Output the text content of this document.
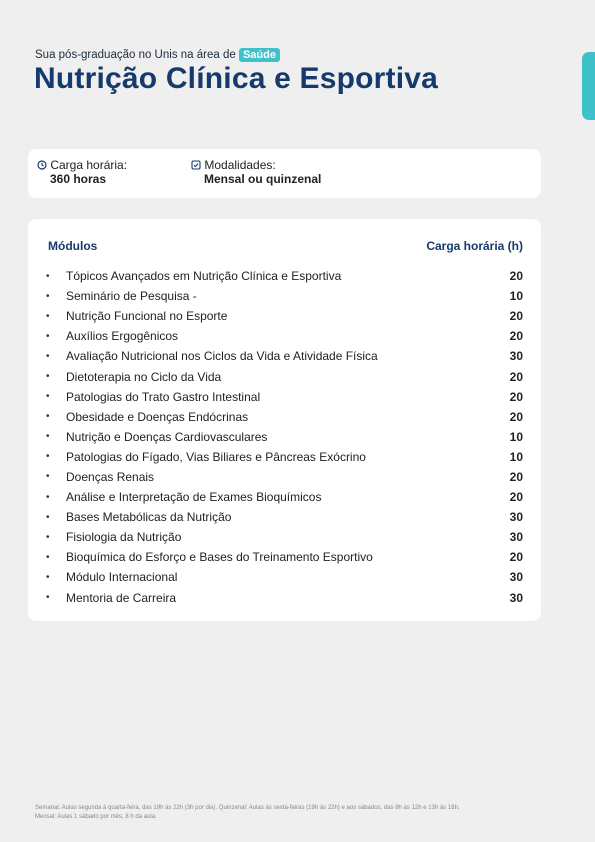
Sua pós-graduação no Unis na área de Saúde
Nutrição Clínica e Esportiva
Carga horária:
360 horas
Modalidades:
Mensal ou quinzenal
Módulos	Carga horária (h)
•	Tópicos Avançados em Nutrição Clínica e Esportiva	20
•	Seminário de Pesquisa -	10
•	Nutrição Funcional no Esporte	20
•	Auxílios Ergogênicos	20
•	Avaliação Nutricional nos Ciclos da Vida e Atividade Física	30
•	Dietoterapia no Ciclo da Vida	20
•	Patologias do Trato Gastro Intestinal	20
•	Obesidade e Doenças Endócrinas	20
•	Nutrição e Doenças Cardiovasculares	10
•	Patologias do Fígado, Vias Biliares e Pâncreas Exócrino	10
•	Doenças Renais	20
•	Análise e Interpretação de Exames Bioquímicos	20
•	Bases Metabólicas da Nutrição	30
•	Fisiologia da Nutrição	30
•	Bioquímica do Esforço e Bases do Treinamento Esportivo	20
•	Módulo Internacional	30
•	Mentoria de Carreira	30
Semanal: Aulas segunda à quarta-feira, das 19h às 22h (3h por dia). Quinzenal: Aulas às sexta-feiras (19h às 22h) e aos sábados, das 8h às 12h e 13h às 16h.
Mensal: Aulas 1 sábado por mês, 8 h da aula.
